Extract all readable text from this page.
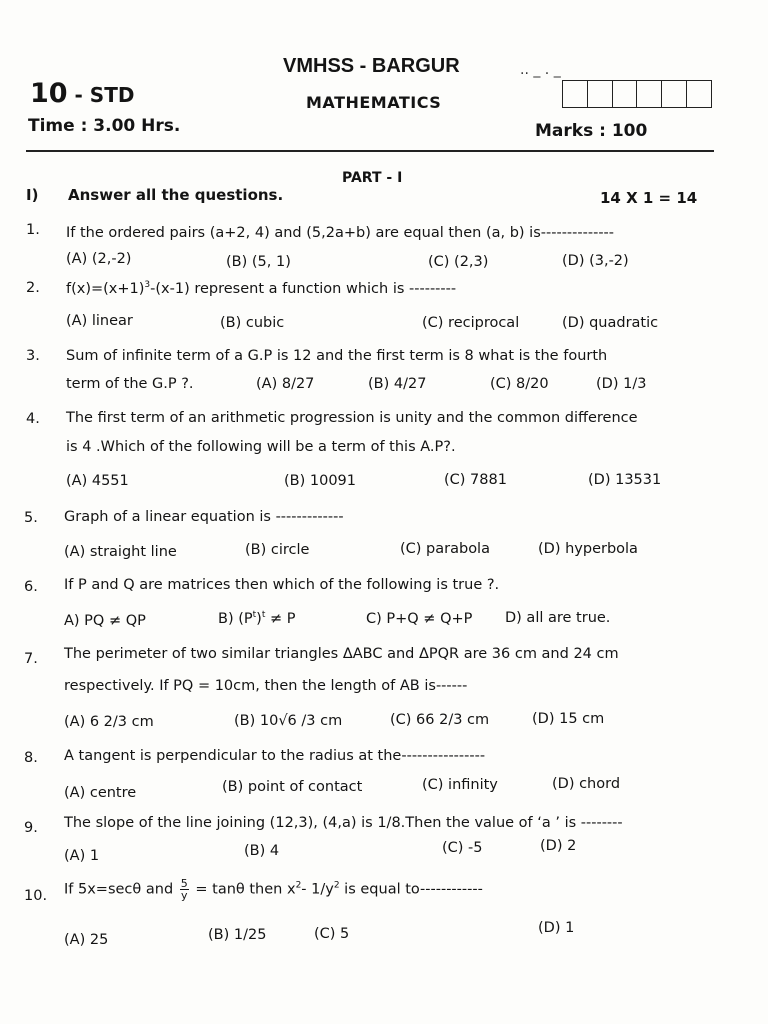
VMHSS - BARGUR	.. _ . _
10 - STD	MATHEMATICS
Time : 3.00 Hrs.	Marks : 100
PART - I
I) Answer all the questions.	14 X 1 = 14
1. If the ordered pairs (a+2, 4) and (5,2a+b) are equal then (a, b) is--------------
(A) (2,-2)	(B) (5, 1)	(C) (2,3)	(D) (3,-2)
2. $f(x)=(x+1)^3-(x-1)$ represent a function which is ---------
(A) linear	(B) cubic	(C) reciprocal	(D) quadratic
3. Sum of infinite term of a G.P is 12 and the first term is 8 what is the fourth
term of the G.P ?.	(A) 8/27	(B) 4/27	(C) 8/20	(D) 1/3
4. The first term of an arithmetic progression is unity and the common difference
is 4 .Which of the following will be a term of this A.P?.
(A) 4551	(B) 10091	(C) 7881	(D) 13531
5. Graph of a linear equation is -------------
(A) straight line	(B) circle	(C) parabola	(D) hyperbola
6. If P and Q are matrices then which of the following is true ?.
A) PQ ≠ QP	B) $(P^t)^t \ne P$	C) P+Q ≠ Q+P D) all are true.
7. The perimeter of two similar triangles ΔABC and ΔPQR are 36 cm and 24 cm
respectively. If PQ = 10cm, then the length of AB is------
(A) 6 2/3 cm	(B) 10√6 /3 cm	(C) 66 2/3 cm	(D) 15 cm
8. A tangent is perpendicular to the radius at the----------------
(A) centre	(B) point of contact	(C) infinity	(D) chord
9. The slope of the line joining (12,3), (4,a) is 1/8.Then the value of ‘a ’ is --------
(A) 1	(B) 4	(C) -5	(D) 2
10. If 5x=secθ and $\frac{5}{y} = \tan\theta$ then $x^2-$ $1/y^2$ is equal to------------
(A) 25	(B) 1/25	(C) 5	(D) 1
